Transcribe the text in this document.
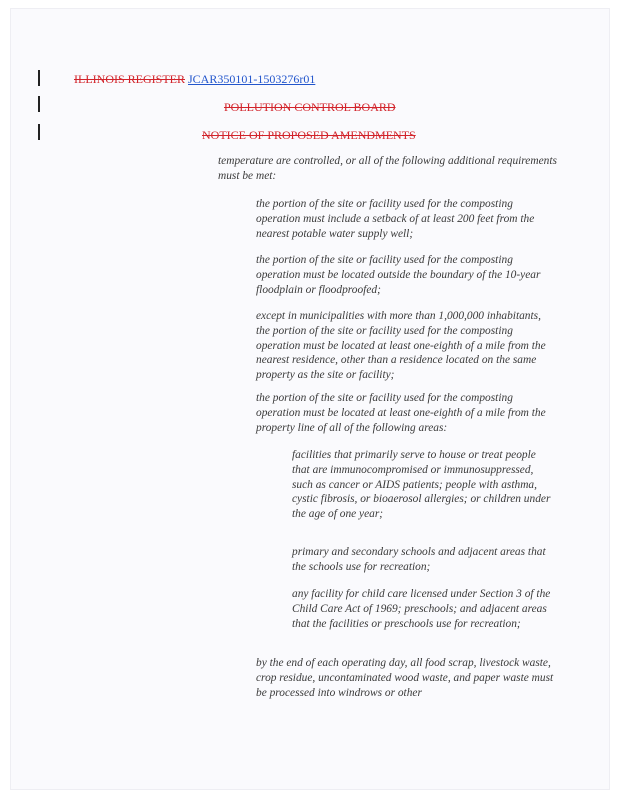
ILLINOIS REGISTER JCAR350101-1503276r01
POLLUTION CONTROL BOARD
NOTICE OF PROPOSED AMENDMENTS

temperature are controlled, or all of the following additional requirements must be met:

the portion of the site or facility used for the composting operation must include a setback of at least 200 feet from the nearest potable water supply well;

the portion of the site or facility used for the composting operation must be located outside the boundary of the 10-year floodplain or floodproofed;

except in municipalities with more than 1,000,000 inhabitants, the portion of the site or facility used for the composting operation must be located at least one-eighth of a mile from the nearest residence, other than a residence located on the same property as the site or facility;

the portion of the site or facility used for the composting operation must be located at least one-eighth of a mile from the property line of all of the following areas:

facilities that primarily serve to house or treat people that are immunocompromised or immunosuppressed, such as cancer or AIDS patients; people with asthma, cystic fibrosis, or bioaerosol allergies; or children under the age of one year;

primary and secondary schools and adjacent areas that the schools use for recreation;

any facility for child care licensed under Section 3 of the Child Care Act of 1969; preschools; and adjacent areas that the facilities or preschools use for recreation;

by the end of each operating day, all food scrap, livestock waste, crop residue, uncontaminated wood waste, and paper waste must be processed into windrows or other
